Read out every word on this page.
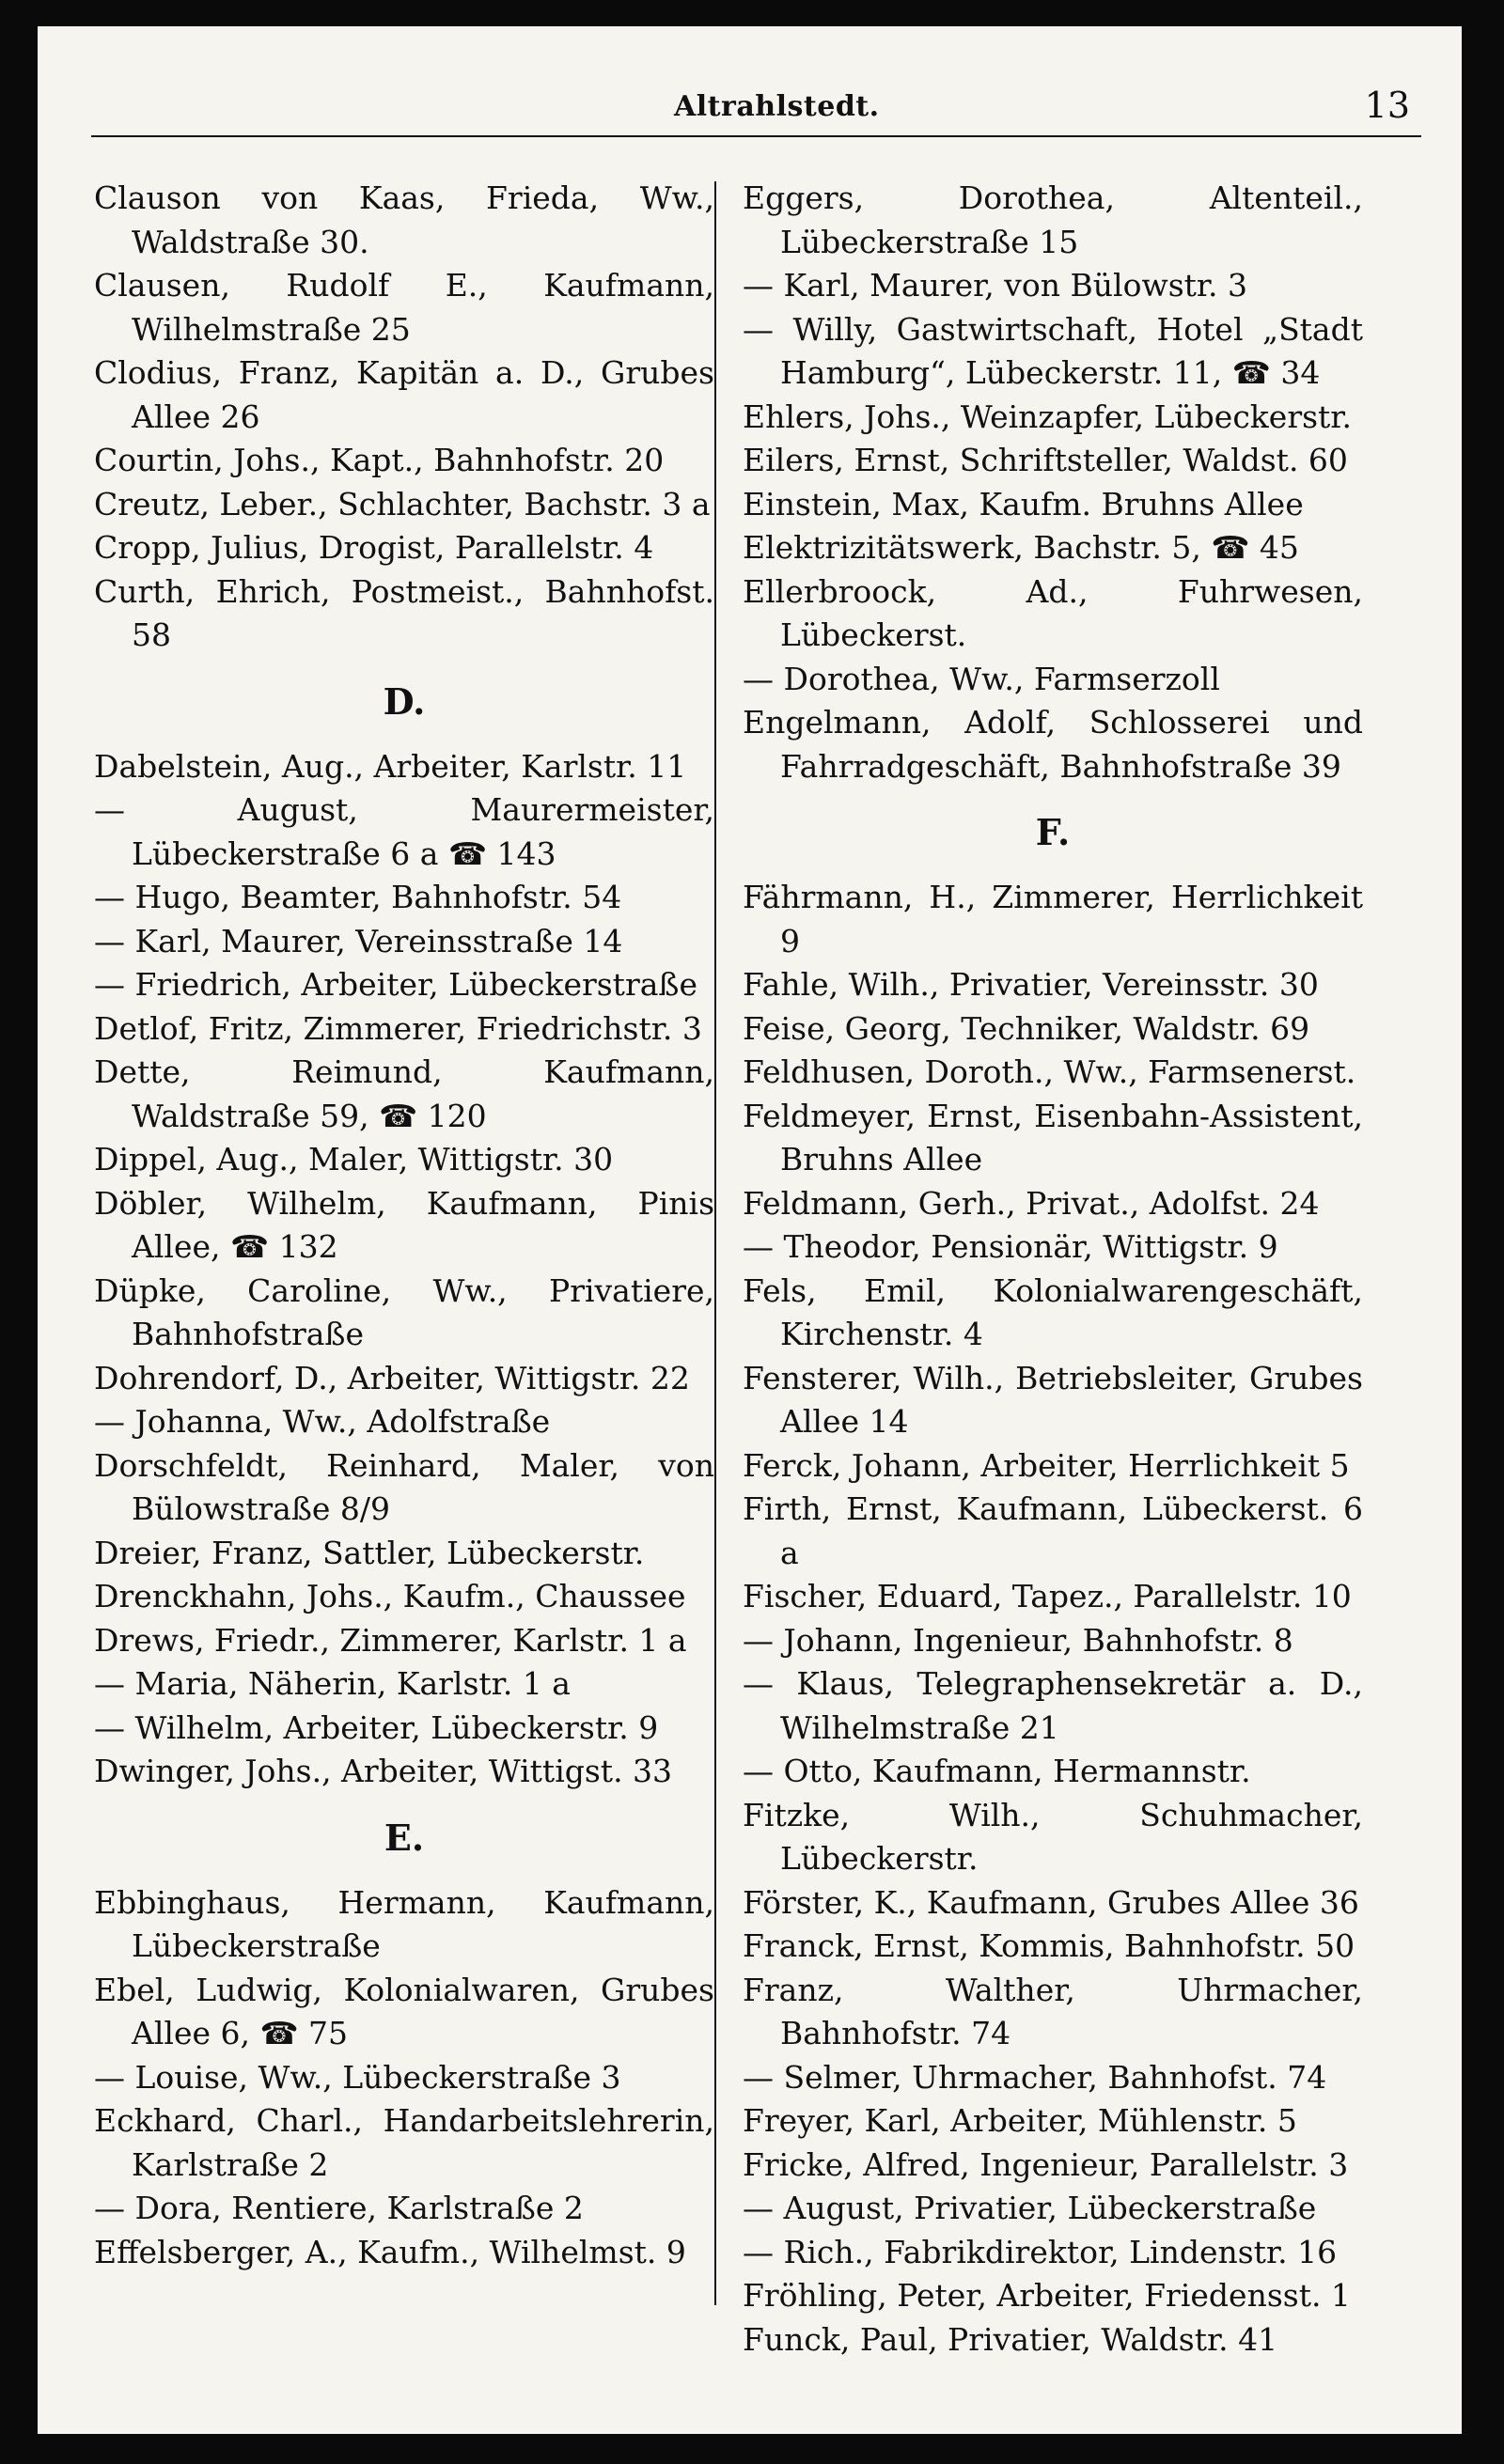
Altrahlstedt.	13
Clauson von Kaas, Frieda, Ww., Waldstraße 30.
Clausen, Rudolf E., Kaufmann, Wilhelmstraße 25
Clodius, Franz, Kapitän a. D., Grubes Allee 26
Courtin, Johs., Kapt., Bahnhofstr. 20
Creutz, Leber., Schlachter, Bachstr. 3 a
Cropp, Julius, Drogist, Parallelstr. 4
Curth, Ehrich, Postmeist., Bahnhofst. 58
D.
Dabelstein, Aug., Arbeiter, Karlstr. 11
— August, Maurermeister, Lübeckerstraße 6 a ☎ 143
— Hugo, Beamter, Bahnhofstr. 54
— Karl, Maurer, Vereinsstraße 14
— Friedrich, Arbeiter, Lübeckerstraße
Detlof, Fritz, Zimmerer, Friedrichstr. 3
Dette, Reimund, Kaufmann, Waldstraße 59, ☎ 120
Dippel, Aug., Maler, Wittigstr. 30
Döbler, Wilhelm, Kaufmann, Pinis Allee, ☎ 132
Düpke, Caroline, Ww., Privatiere, Bahnhofstraße
Dohrendorf, D., Arbeiter, Wittigstr. 22
— Johanna, Ww., Adolfstraße
Dorschfeldt, Reinhard, Maler, von Bülowstraße 8/9
Dreier, Franz, Sattler, Lübeckerstr.
Drenckhahn, Johs., Kaufm., Chaussee
Drews, Friedr., Zimmerer, Karlstr. 1 a
— Maria, Näherin, Karlstr. 1 a
— Wilhelm, Arbeiter, Lübeckerstr. 9
Dwinger, Johs., Arbeiter, Wittigst. 33
E.
Ebbinghaus, Hermann, Kaufmann, Lübeckerstraße
Ebel, Ludwig, Kolonialwaren, Grubes Allee 6, ☎ 75
— Louise, Ww., Lübeckerstraße 3
Eckhard, Charl., Handarbeitslehrerin, Karlstraße 2
— Dora, Rentiere, Karlstraße 2
Effelsberger, A., Kaufm., Wilhelmst. 9
Eggers, Dorothea, Altenteil., Lübeckerstraße 15
— Karl, Maurer, von Bülowstr. 3
— Willy, Gastwirtschaft, Hotel „Stadt Hamburg“, Lübeckerstr. 11, ☎ 34
Ehlers, Johs., Weinzapfer, Lübeckerstr.
Eilers, Ernst, Schriftsteller, Waldst. 60
Einstein, Max, Kaufm. Bruhns Allee
Elektrizitätswerk, Bachstr. 5, ☎ 45
Ellerbroock, Ad., Fuhrwesen, Lübeckerst.
— Dorothea, Ww., Farmserzoll
Engelmann, Adolf, Schlosserei und Fahrradgeschäft, Bahnhofstraße 39
F.
Fährmann, H., Zimmerer, Herrlichkeit 9
Fahle, Wilh., Privatier, Vereinsstr. 30
Feise, Georg, Techniker, Waldstr. 69
Feldhusen, Doroth., Ww., Farmsenerst.
Feldmeyer, Ernst, Eisenbahn-Assistent, Bruhns Allee
Feldmann, Gerh., Privat., Adolfst. 24
— Theodor, Pensionär, Wittigstr. 9
Fels, Emil, Kolonialwarengeschäft, Kirchenstr. 4
Fensterer, Wilh., Betriebsleiter, Grubes Allee 14
Ferck, Johann, Arbeiter, Herrlichkeit 5
Firth, Ernst, Kaufmann, Lübeckerst. 6 a
Fischer, Eduard, Tapez., Parallelstr. 10
— Johann, Ingenieur, Bahnhofstr. 8
— Klaus, Telegraphensekretär a. D., Wilhelmstraße 21
— Otto, Kaufmann, Hermannstr.
Fitzke, Wilh., Schuhmacher, Lübeckerstr.
Förster, K., Kaufmann, Grubes Allee 36
Franck, Ernst, Kommis, Bahnhofstr. 50
Franz, Walther, Uhrmacher, Bahnhofstr. 74
— Selmer, Uhrmacher, Bahnhofst. 74
Freyer, Karl, Arbeiter, Mühlenstr. 5
Fricke, Alfred, Ingenieur, Parallelstr. 3
— August, Privatier, Lübeckerstraße
— Rich., Fabrikdirektor, Lindenstr. 16
Fröhling, Peter, Arbeiter, Friedensst. 1
Funck, Paul, Privatier, Waldstr. 41
